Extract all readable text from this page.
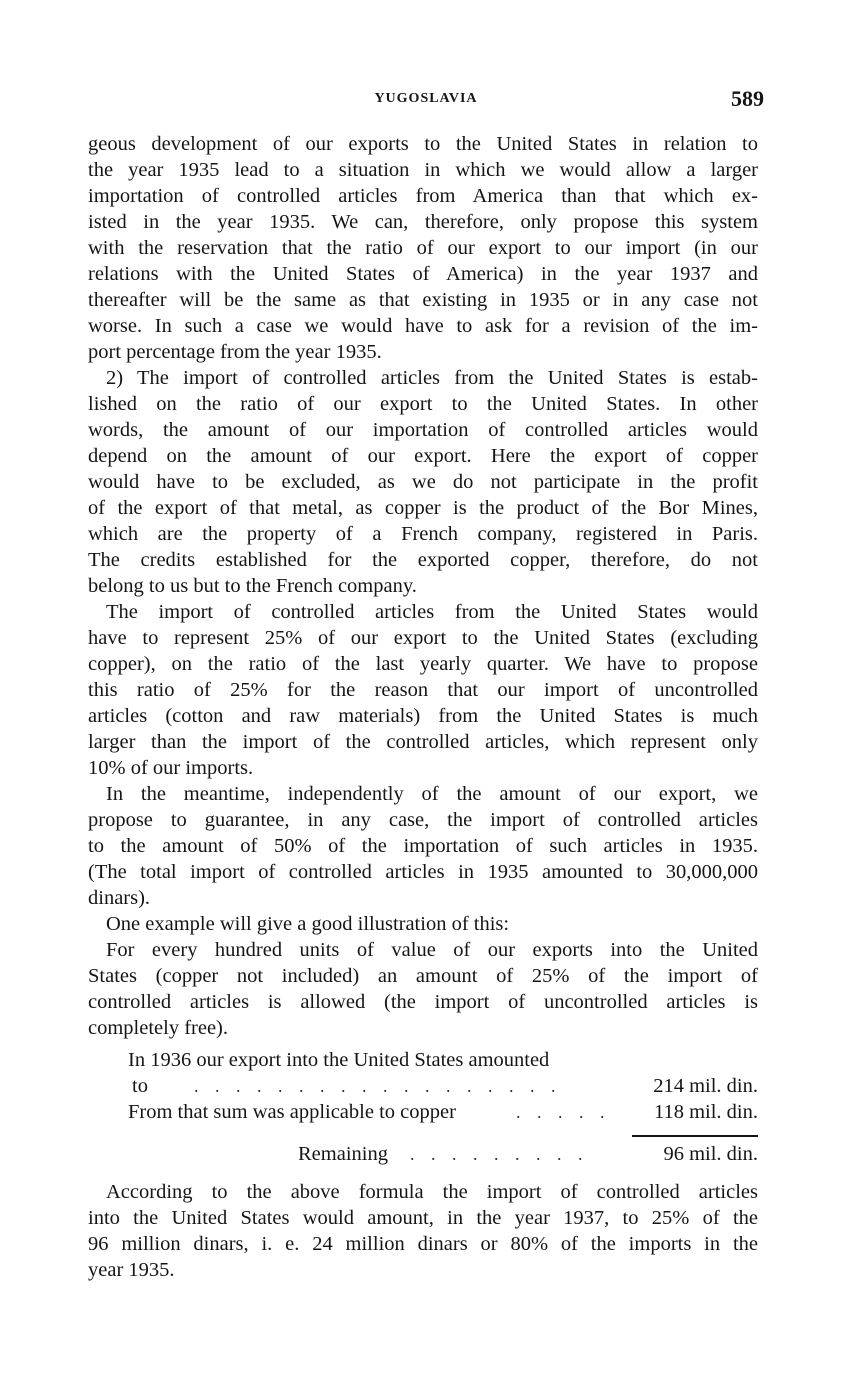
YUGOSLAVIA	589
geous development of our exports to the United States in relation to
the year 1935 lead to a situation in which we would allow a larger
importation of controlled articles from America than that which ex-
isted in the year 1935. We can, therefore, only propose this system
with the reservation that the ratio of our export to our import (in our
relations with the United States of America) in the year 1937 and
thereafter will be the same as that existing in 1935 or in any case not
worse. In such a case we would have to ask for a revision of the im-
port percentage from the year 1935.
2) The import of controlled articles from the United States is estab-
lished on the ratio of our export to the United States. In other
words, the amount of our importation of controlled articles would
depend on the amount of our export. Here the export of copper
would have to be excluded, as we do not participate in the profit
of the export of that metal, as copper is the product of the Bor Mines,
which are the property of a French company, registered in Paris.
The credits established for the exported copper, therefore, do not
belong to us but to the French company.
The import of controlled articles from the United States would
have to represent 25% of our export to the United States (excluding
copper), on the ratio of the last yearly quarter. We have to propose
this ratio of 25% for the reason that our import of uncontrolled
articles (cotton and raw materials) from the United States is much
larger than the import of the controlled articles, which represent only
10% of our imports.
In the meantime, independently of the amount of our export, we
propose to guarantee, in any case, the import of controlled articles
to the amount of 50% of the importation of such articles in 1935.
(The total import of controlled articles in 1935 amounted to 30,000,000
dinars).
One example will give a good illustration of this:
For every hundred units of value of our exports into the United
States (copper not included) an amount of 25% of the import of
controlled articles is allowed (the import of uncontrolled articles is
completely free).
In 1936 our export into the United States amounted
to	. . . . . . . . . . . . . . . . . .	214 mil. din.
From that sum was applicable to copper	. . . . . 118 mil. din.
Remaining . . . . . . . . .	96 mil. din.
According to the above formula the import of controlled articles
into the United States would amount, in the year 1937, to 25% of the
96 million dinars, i. e. 24 million dinars or 80% of the imports in the
year 1935.
